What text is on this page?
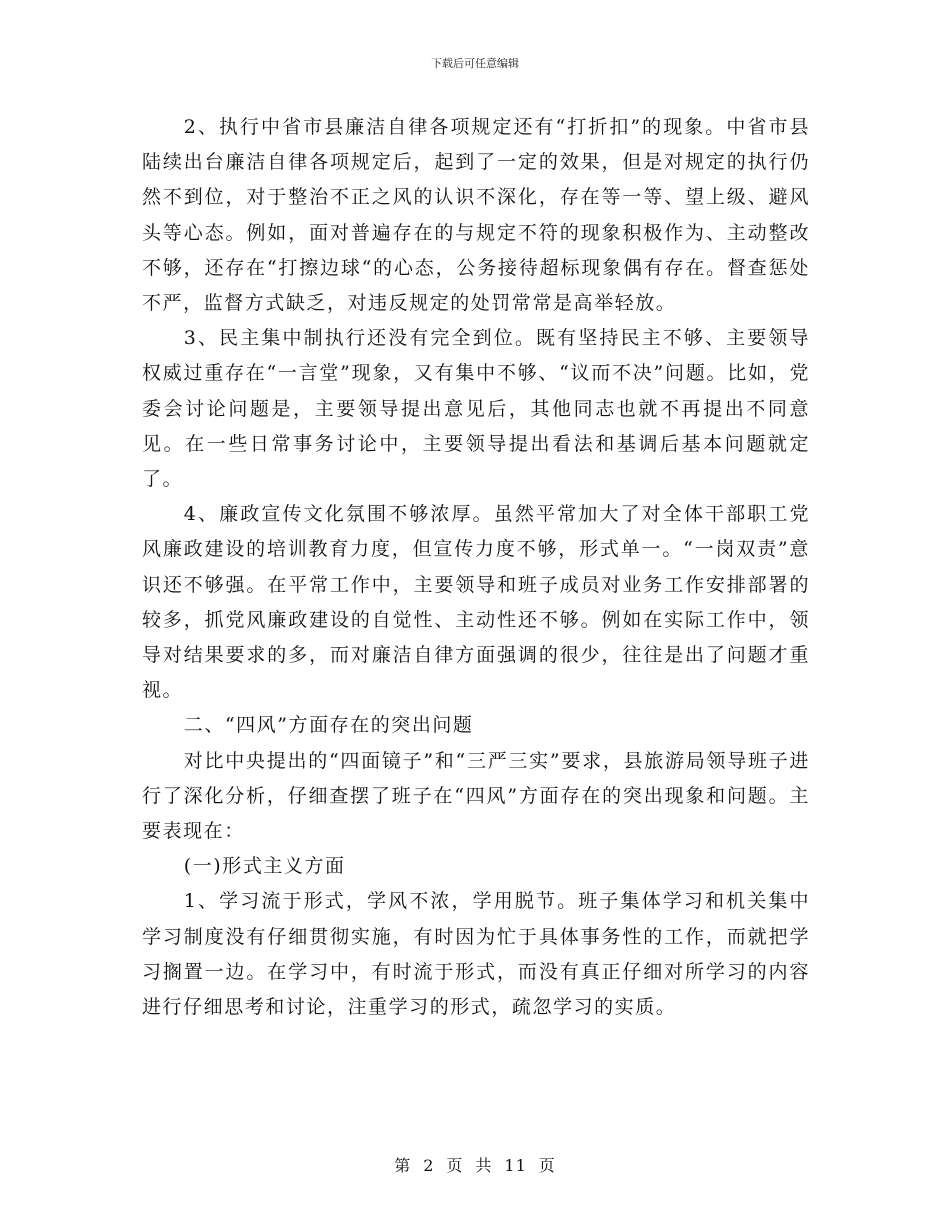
下载后可任意编辑

2、执行中省市县廉洁自律各项规定还有“打折扣”的现象。中省市县陆续出台廉洁自律各项规定后，起到了一定的效果，但是对规定的执行仍然不到位，对于整治不正之风的认识不深化，存在等一等、望上级、避风头等心态。例如，面对普遍存在的与规定不符的现象积极作为、主动整改不够，还存在“打擦边球“的心态，公务接待超标现象偶有存在。督查惩处不严，监督方式缺乏，对违反规定的处罚常常是高举轻放。

3、民主集中制执行还没有完全到位。既有坚持民主不够、主要领导权威过重存在“一言堂”现象，又有集中不够、“议而不决”问题。比如，党委会讨论问题是，主要领导提出意见后，其他同志也就不再提出不同意见。在一些日常事务讨论中，主要领导提出看法和基调后基本问题就定了。

4、廉政宣传文化氛围不够浓厚。虽然平常加大了对全体干部职工党风廉政建设的培训教育力度，但宣传力度不够，形式单一。“一岗双责”意识还不够强。在平常工作中，主要领导和班子成员对业务工作安排部署的较多，抓党风廉政建设的自觉性、主动性还不够。例如在实际工作中，领导对结果要求的多，而对廉洁自律方面强调的很少，往往是出了问题才重视。

二、“四风”方面存在的突出问题

对比中央提出的“四面镜子”和“三严三实”要求，县旅游局领导班子进行了深化分析，仔细查摆了班子在“四风”方面存在的突出现象和问题。主要表现在：

(一)形式主义方面

1、学习流于形式，学风不浓，学用脱节。班子集体学习和机关集中学习制度没有仔细贯彻实施，有时因为忙于具体事务性的工作，而就把学习搁置一边。在学习中，有时流于形式，而没有真正仔细对所学习的内容进行仔细思考和讨论，注重学习的形式，疏忽学习的实质。

第 2 页 共 11 页
